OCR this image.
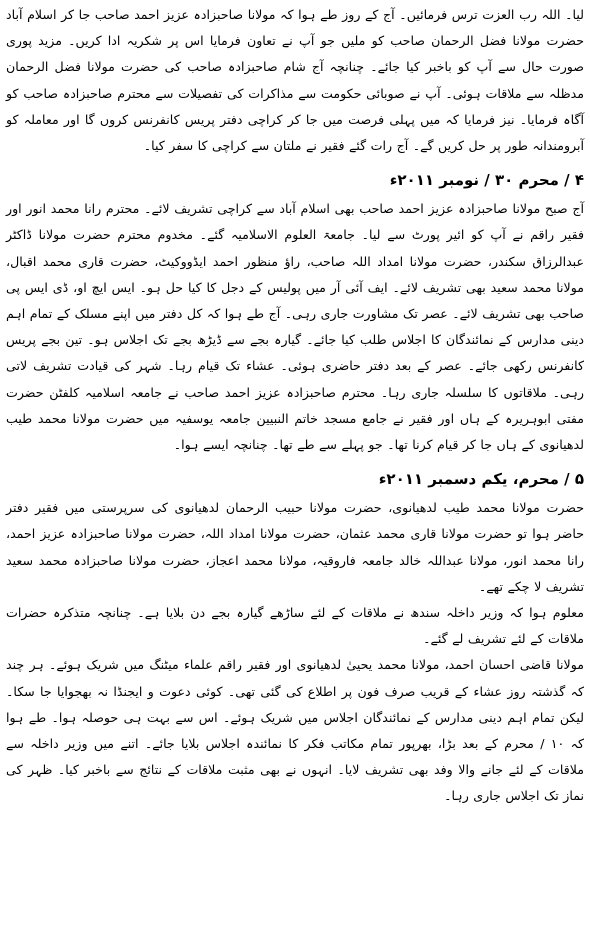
لیا۔ اللہ رب العزت ترس فرمائیں۔ آج کے روز طے ہوا کہ مولانا صاحبزادہ عزیز احمد صاحب جا کر اسلام آباد حضرت مولانا فضل الرحمان صاحب کو ملیں جو آپ نے تعاون فرمایا اس پر شکریہ ادا کریں۔ مزید پوری صورت حال سے آپ کو باخبر کیا جائے۔ چنانچہ آج شام صاحبزادہ صاحب کی حضرت مولانا فضل الرحمان مدظلہ سے ملاقات ہوئی۔ آپ نے صوبائی حکومت سے مذاکرات کی تفصیلات سے محترم صاحبزادہ صاحب کو آگاہ فرمایا۔ نیز فرمایا کہ میں پہلی فرصت میں جا کر کراچی دفتر پریس کانفرنس کروں گا اور معاملہ کو آبرومندانہ طور پر حل کریں گے۔ آج رات گئے فقیر نے ملتان سے کراچی کا سفر کیا۔

۴ / محرم ۳۰ / نومبر ۲۰۱۱ء

آج صبح مولانا صاحبزادہ عزیز احمد صاحب بھی اسلام آباد سے کراچی تشریف لائے۔ محترم رانا محمد انور اور فقیر راقم نے آپ کو ائیر پورٹ سے لیا۔ جامعۃ العلوم الاسلامیہ گئے۔ مخدوم محترم حضرت مولانا ڈاکٹر عبدالرزاق سکندر، حضرت مولانا امداد اللہ صاحب، راؤ منظور احمد ایڈووکیٹ، حضرت قاری محمد اقبال، مولانا محمد سعید بھی تشریف لائے۔ ایف آئی آر میں پولیس کے دجل کا کیا حل ہو۔ ایس ایچ او، ڈی ایس پی صاحب بھی تشریف لائے۔ عصر تک مشاورت جاری رہی۔ آج طے ہوا کہ کل دفتر میں اپنے مسلک کے تمام اہم دینی مدارس کے نمائندگان کا اجلاس طلب کیا جائے۔ گیارہ بجے سے ڈیڑھ بجے تک اجلاس ہو۔ تین بجے پریس کانفرنس رکھی جائے۔ عصر کے بعد دفتر حاضری ہوئی۔ عشاء تک قیام رہا۔ شہر کی قیادت تشریف لاتی رہی۔ ملاقاتوں کا سلسلہ جاری رہا۔ محترم صاحبزادہ عزیز احمد صاحب نے جامعہ اسلامیہ کلفٹن حضرت مفتی ابوہریرہ کے ہاں اور فقیر نے جامع مسجد خاتم النبیین جامعہ یوسفیہ میں حضرت مولانا محمد طیب لدھیانوی کے ہاں جا کر قیام کرنا تھا۔ جو پہلے سے طے تھا۔ چنانچہ ایسے ہوا۔

۵ / محرم، یکم دسمبر ۲۰۱۱ء

حضرت مولانا محمد طیب لدھیانوی، حضرت مولانا حبیب الرحمان لدھیانوی کی سرپرستی میں فقیر دفتر حاضر ہوا تو حضرت مولانا قاری محمد عثمان، حضرت مولانا امداد اللہ، حضرت مولانا صاحبزادہ عزیز احمد، رانا محمد انور، مولانا عبداللہ خالد جامعہ فاروقیہ، مولانا محمد اعجاز، حضرت مولانا صاحبزادہ محمد سعید تشریف لا چکے تھے۔

معلوم ہوا کہ وزیر داخلہ سندھ نے ملاقات کے لئے ساڑھے گیارہ بجے دن بلایا ہے۔ چنانچہ متذکرہ حضرات ملاقات کے لئے تشریف لے گئے۔

مولانا قاضی احسان احمد، مولانا محمد یحییٰ لدھیانوی اور فقیر راقم علماء میٹنگ میں شریک ہوئے۔ ہر چند کہ گذشتہ روز عشاء کے قریب صرف فون پر اطلاع کی گئی تھی۔ کوئی دعوت و ایجنڈا نہ بھجوایا جا سکا۔ لیکن تمام اہم دینی مدارس کے نمائندگان اجلاس میں شریک ہوئے۔ اس سے بہت ہی حوصلہ ہوا۔ طے ہوا کہ ۱۰ / محرم کے بعد بڑا، بھرپور تمام مکاتب فکر کا نمائندہ اجلاس بلایا جائے۔ اتنے میں وزیر داخلہ سے ملاقات کے لئے جانے والا وفد بھی تشریف لایا۔ انہوں نے بھی مثبت ملاقات کے نتائج سے باخبر کیا۔ ظہر کی نماز تک اجلاس جاری رہا۔
